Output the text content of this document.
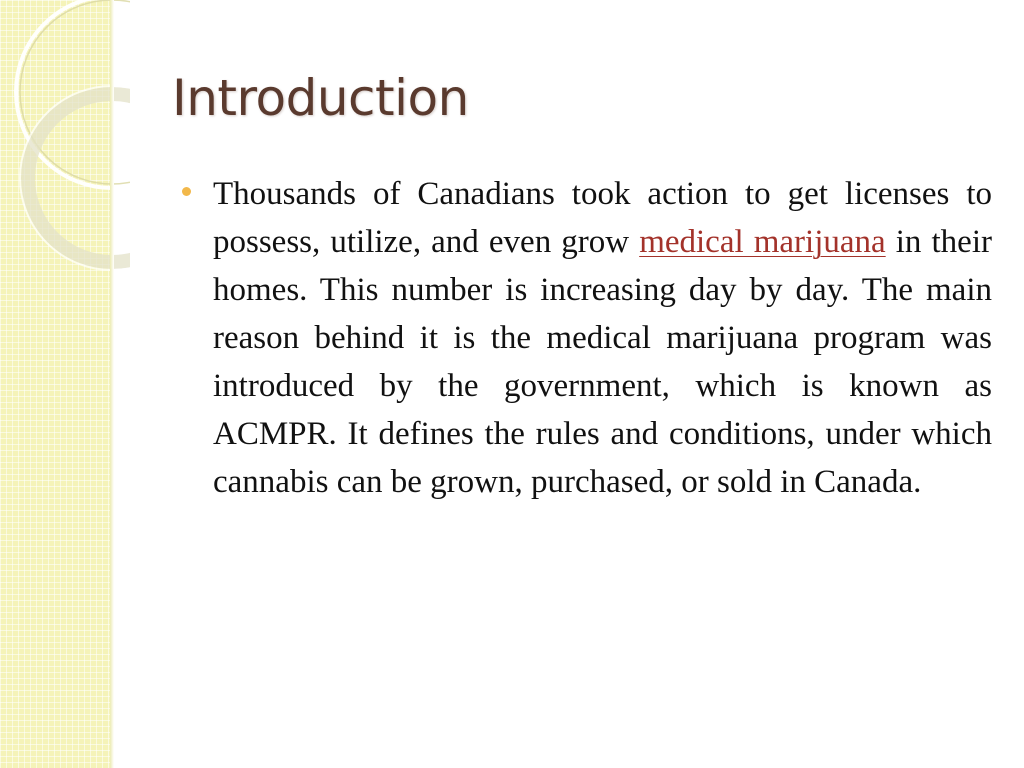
Introduction

Thousands of Canadians took action to get licenses to possess, utilize, and even grow medical marijuana in their homes. This number is increasing day by day. The main reason behind it is the medical marijuana program was introduced by the government, which is known as ACMPR. It defines the rules and conditions, under which cannabis can be grown, purchased, or sold in Canada.
